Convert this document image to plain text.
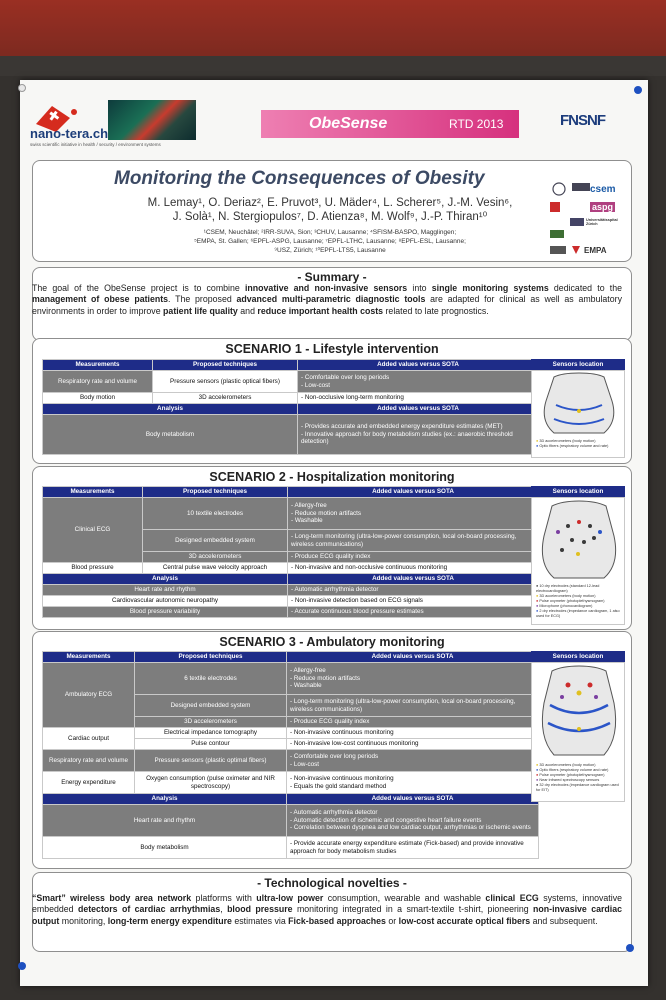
nano-tera.ch
swiss scientific initiative in health / security / environment systems
ObeSense	RTD 2013	FNSNF
Monitoring the Consequences of Obesity
M. Lemay¹, O. Deriaz², E. Pruvot³, U. Mäder⁴, L. Scherer⁵, J.-M. Vesin⁶,
J. Solà¹, N. Stergiopulos⁷, D. Atienza⁸, M. Wolf⁹, J.-P. Thiran¹⁰
¹CSEM, Neuchâtel; ²IRR-SUVA, Sion; ³CHUV, Lausanne; ⁴SFISM-BASPO, Magglingen;
⁵EMPA, St. Gallen; ⁶EPFL-ASPG, Lausanne; ⁷EPFL-LTHC, Lausanne; ⁸EPFL-ESL, Lausanne;
⁹USZ, Zürich; ¹⁰EPFL-LTS5, Lausanne
csem
aspg
Universitätsspital Zürich
EMPA
- Summary -
The goal of the ObeSense project is to combine innovative and non-invasive sensors into single monitoring systems dedicated to the management of obese patients. The proposed advanced multi-parametric diagnostic tools are adapted for clinical as well as ambulatory environments in order to improve patient life quality and reduce important health costs related to late prognostics.
SCENARIO 1 - Lifestyle intervention
Measurements	Proposed techniques	Added values versus SOTA
Respiratory rate and volume	Pressure sensors (plastic optical fibers)	- Comfortable over long periods
- Low-cost

Body motion	3D accelerometers	- Non-occlusive long-term monitoring
Analysis		Added values versus SOTA
Body metabolism		- Provides accurate and embedded energy expenditure estimates (MET)
- Innovative approach for body metabolism studies (ex.: anaerobic threshold detection)
Sensors location
● 3D accelerometers (body motion)
● Optic fibers (respiratory volume and rate)
SCENARIO 2 - Hospitalization monitoring
Measurements	Proposed techniques	Added values versus SOTA
Clinical ECG	10 textile electrodes	- Allergy-free
- Reduce motion artifacts
- Washable

	Designed embedded system	- Long-term monitoring (ultra-low-power consumption, local on-board processing, wireless communications)
	3D accelerometers	- Produce ECG quality index
Blood pressure	Central pulse wave velocity approach	- Non-invasive and non-occlusive continuous monitoring
Analysis		Added values versus SOTA
Heart rate and rhythm		- Automatic arrhythmia detector
Cardiovascular autonomic neuropathy		- Non-invasive detection based on ECG signals
Blood pressure variability		- Accurate continuous blood pressure estimates
Sensors location
● 10 dry electrodes (standard 12-lead electrocardiogram)
● 3D accelerometers (body motion)
● Pulse oxymeter (photoplethysmogram)
● Microphone (phonocardiogram)
● 2 dry electrodes (impedance cardiogram, 1 also used for ECG)
SCENARIO 3 - Ambulatory monitoring
Measurements	Proposed techniques	Added values versus SOTA
Ambulatory ECG	6 textile electrodes	- Allergy-free
- Reduce motion artifacts
- Washable

	Designed embedded system	- Long-term monitoring (ultra-low-power consumption, local on-board processing, wireless communications)
	3D accelerometers	- Produce ECG quality index
Cardiac output	Electrical impedance tomography	- Non-invasive continuous monitoring
	Pulse contour	- Non-invasive low-cost continuous monitoring
Respiratory rate and volume	Pressure sensors (plastic optimal fibers)	- Comfortable over long periods
- Low-cost

Energy expenditure	Oxygen consumption (pulse oximeter and NIR spectroscopy)	- Non-invasive continuous monitoring
- Equals the gold standard method

Analysis		Added values versus SOTA
Heart rate and rhythm		- Automatic arrhythmia detector
- Automatic detection of ischemic and congestive heart failure events
- Correlation between dyspnea and low cardiac output, arrhythmias or ischemic events

Body metabolism		- Provide accurate energy expenditure estimate (Fick-based) and provide innovative approach for body metabolism studies
Sensors location
● 3D accelerometers (body motion)
● Optic fibers (respiratory volume and rate)
● Pulse oxymeter (photoplethysmogram)
● Near infrared spectroscopy sensors
● 32 dry electrodes (impedance cardiogram used for EIT)
- Technological novelties -
“Smart” wireless body area network platforms with ultra-low power consumption, wearable and washable clinical ECG systems, innovative embedded detectors of cardiac arrhythmias, blood pressure monitoring integrated in a smart-textile t-shirt, pioneering non-invasive cardiac output monitoring, long-term energy expenditure estimates via Fick-based approaches or low-cost accurate optical fibers and subsequent.
